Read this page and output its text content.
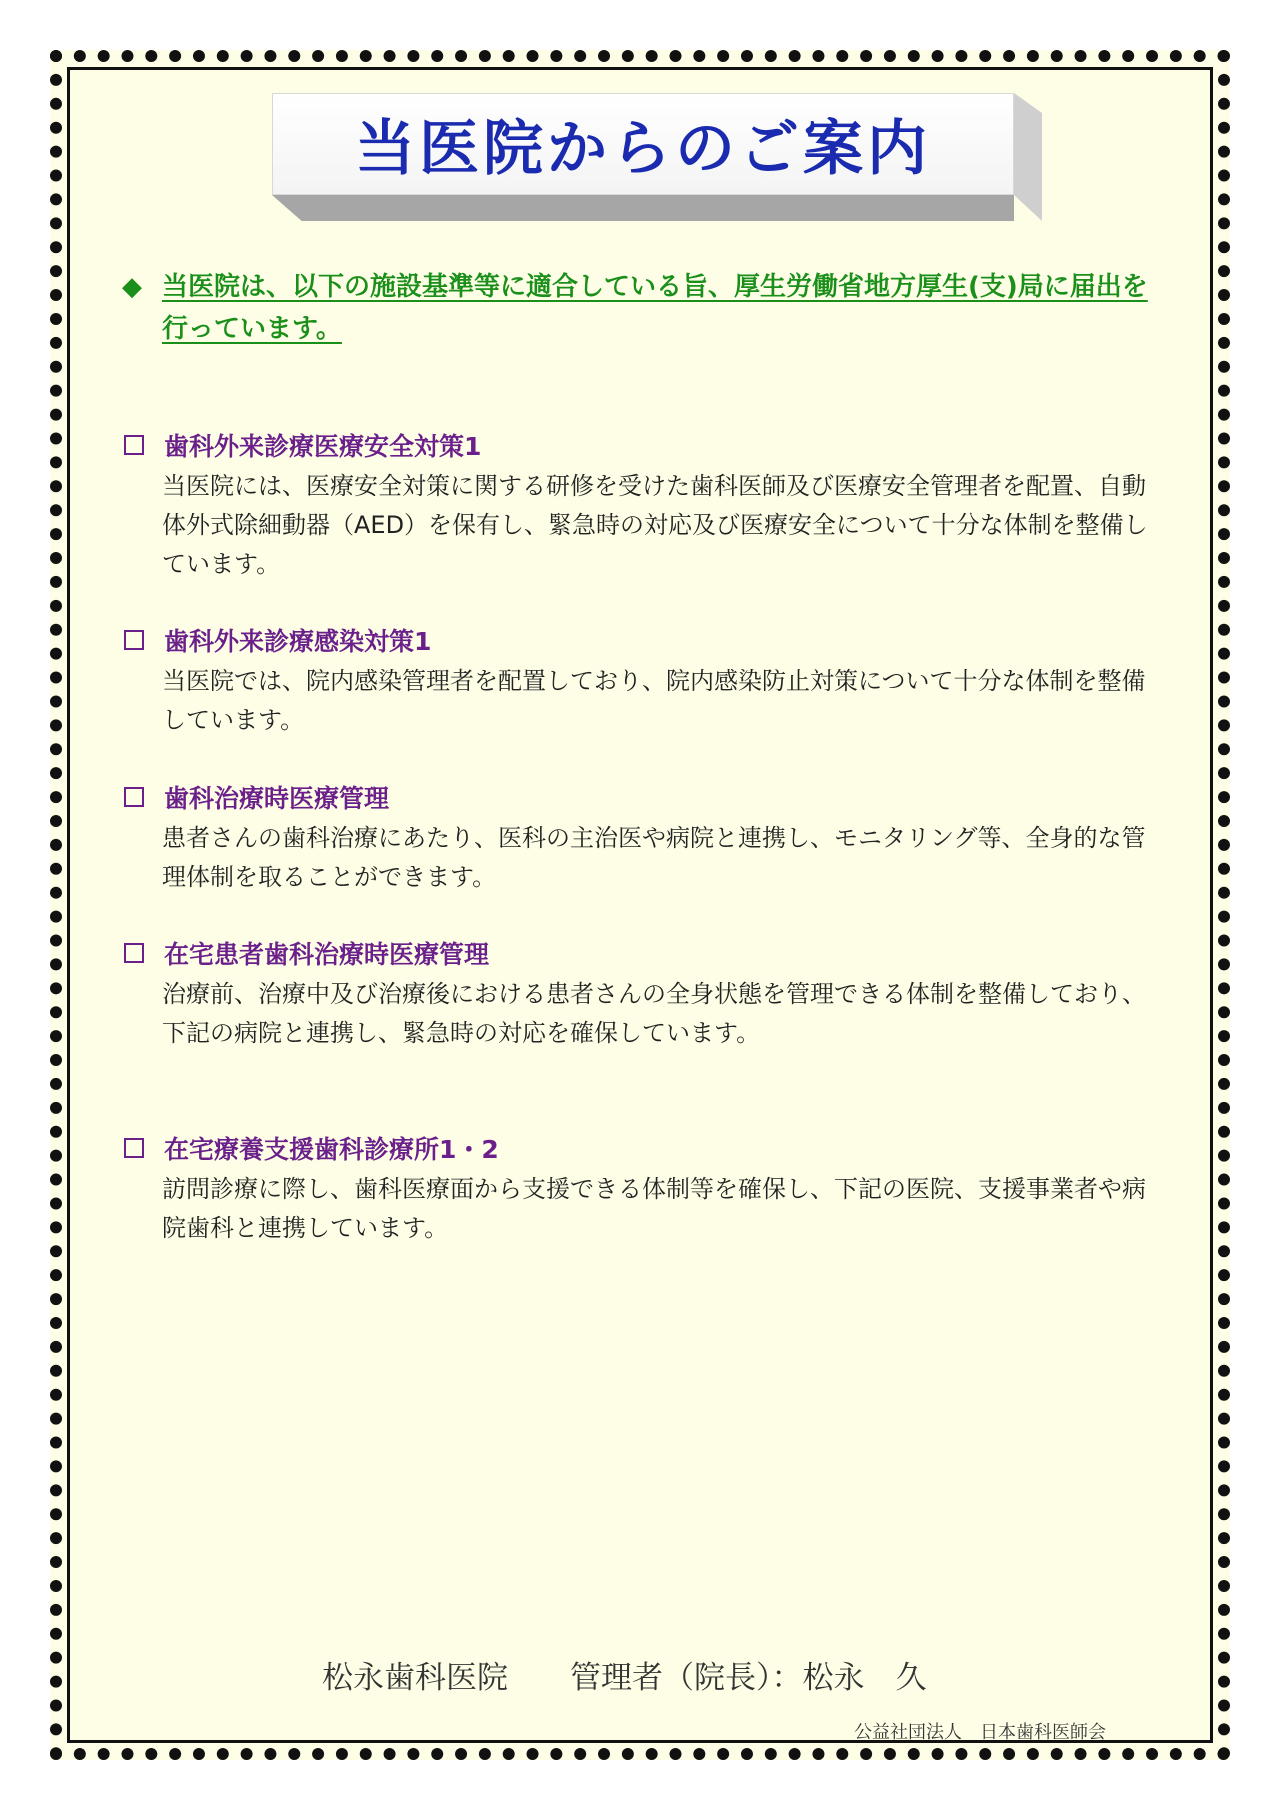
当医院からのご案内
◆ 当医院は、以下の施設基準等に適合している旨、厚生労働省地方厚生(支)局に届出を行っています。
歯科外来診療医療安全対策1
当医院には、医療安全対策に関する研修を受けた歯科医師及び医療安全管理者を配置、自動体外式除細動器（AED）を保有し、緊急時の対応及び医療安全について十分な体制を整備しています。
歯科外来診療感染対策1
当医院では、院内感染管理者を配置しており、院内感染防止対策について十分な体制を整備しています。
歯科治療時医療管理
患者さんの歯科治療にあたり、医科の主治医や病院と連携し、モニタリング等、全身的な管理体制を取ることができます。
在宅患者歯科治療時医療管理
治療前、治療中及び治療後における患者さんの全身状態を管理できる体制を整備しており、下記の病院と連携し、緊急時の対応を確保しています。
在宅療養支援歯科診療所1・2
訪問診療に際し、歯科医療面から支援できる体制等を確保し、下記の医院、支援事業者や病院歯科と連携しています。
松永歯科医院　　管理者（院長）：松永　久
公益社団法人　日本歯科医師会
